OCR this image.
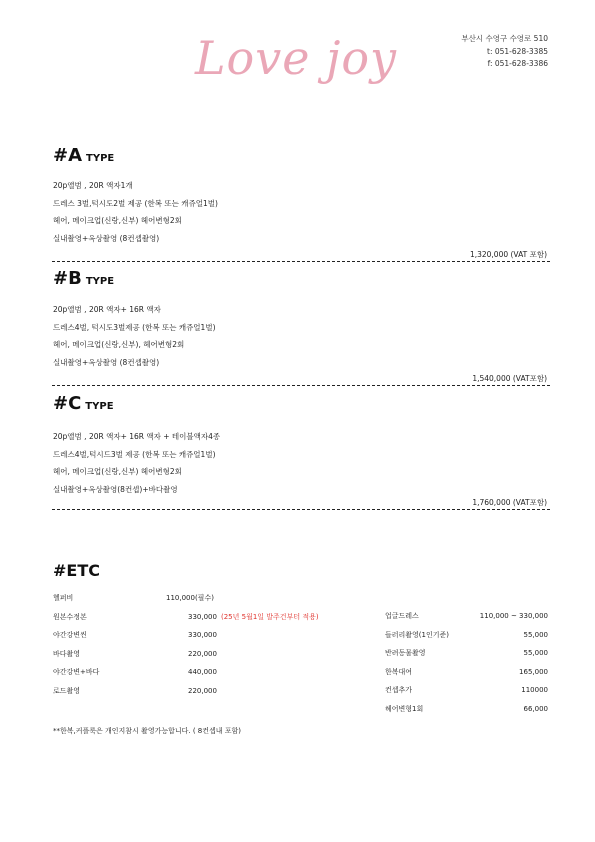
Love joy	부산시 수영구 수영로 510
t: 051-628-3385
f: 051-628-3386
#A TYPE
20p앨범 , 20R 액자1개
드레스 3벌,턱시도2벌 제공 (한복 또는 캐쥬얼1벌)
헤어, 메이크업(신랑,신부) 헤어변형2회
실내촬영+옥상촬영 (8컨셉촬영)
1,320,000 (VAT 포함)
#B TYPE
20p앨범 , 20R 액자+ 16R 액자
드레스4벌, 턱시도3벌제공 (한복 또는 캐쥬얼1벌)
헤어, 메이크업(신랑,신부), 헤어변형2회
실내촬영+옥상촬영 (8컨셉촬영)
1,540,000 (VAT포함)
#C TYPE
20p앨범 , 20R 액자+ 16R 액자 + 테이블액자4종
드레스4벌,턱시드3벌 제공 (한복 또는 캐쥬얼1벌)
헤어, 메이크업(신랑,신부) 헤어변형2회
실내촬영+옥상촬영(8컨셉)+바다촬영
1,760,000 (VAT포함)
#ETC
헬퍼비	110,000(필수)
원본수정본	330,000 (25년 5월1일 발주건부터 적용)
야간강변씬	330,000
바다촬영	220,000
야간강변+바다	440,000
로드촬영	220,000
업글드레스	110,000 ~ 330,000
들러리촬영(1인기준)	55,000
반려동물촬영	55,000
한복대여	165,000
컨셉추가	110000
헤어변형1회	66,000
**한복,커플룩은 개인지참시 촬영가능합니다. ( 8컨셉내 포함)
